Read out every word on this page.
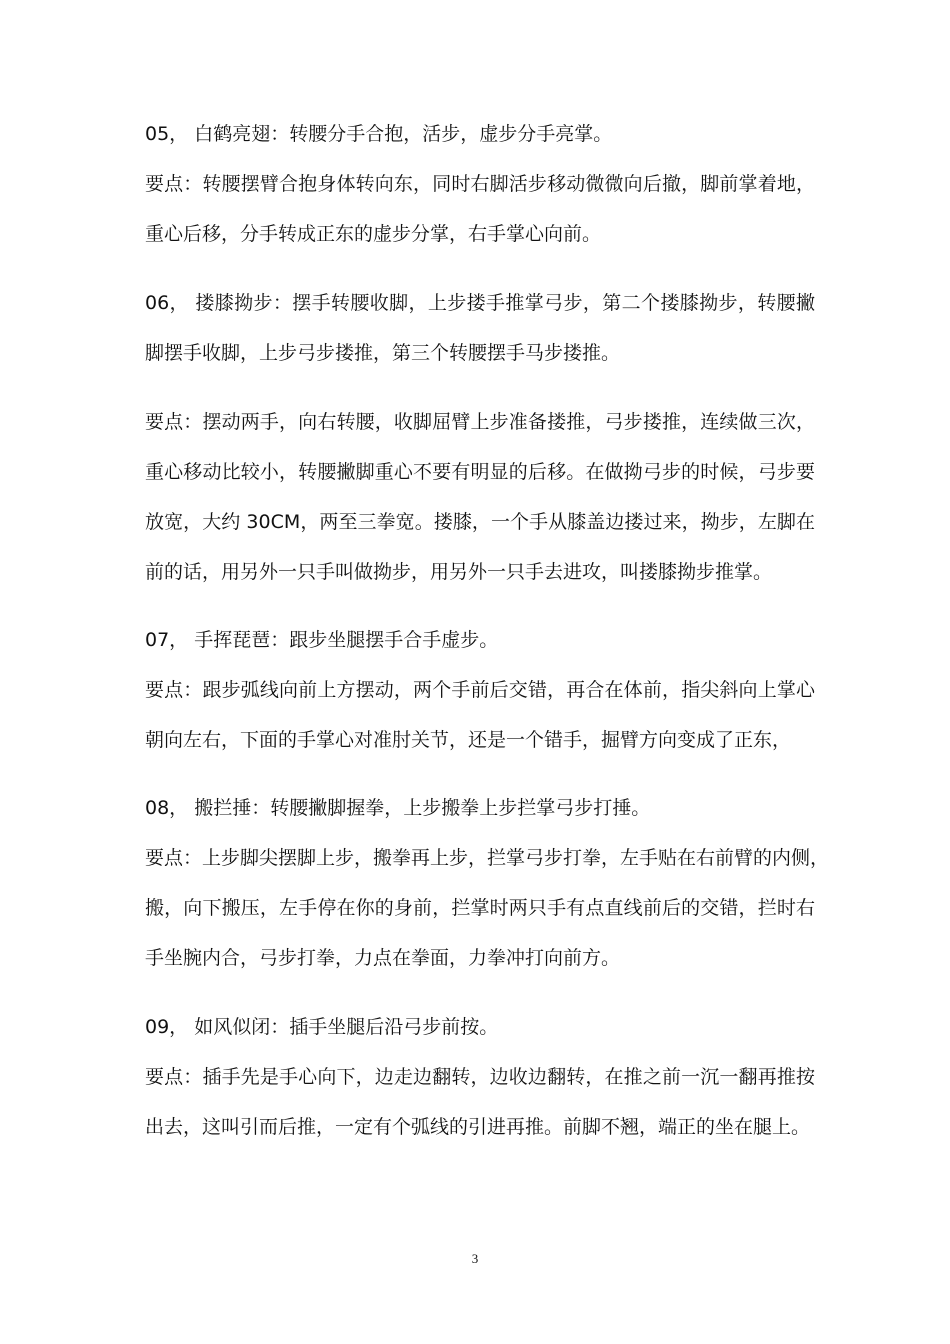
05， 白鹤亮翅：转腰分手合抱，活步，虚步分手亮掌。
要点：转腰摆臂合抱身体转向东，同时右脚活步移动微微向后撤，脚前掌着地，
重心后移，分手转成正东的虚步分掌，右手掌心向前。
06， 搂膝拗步：摆手转腰收脚，上步搂手推掌弓步，第二个搂膝拗步，转腰撇
脚摆手收脚，上步弓步搂推，第三个转腰摆手马步搂推。
要点：摆动两手，向右转腰，收脚屈臂上步准备搂推，弓步搂推，连续做三次，
重心移动比较小，转腰撇脚重心不要有明显的后移。在做拗弓步的时候，弓步要
放宽，大约 30CM，两至三拳宽。搂膝，一个手从膝盖边搂过来，拗步，左脚在
前的话，用另外一只手叫做拗步，用另外一只手去进攻，叫搂膝拗步推掌。
07， 手挥琵琶：跟步坐腿摆手合手虚步。
要点：跟步弧线向前上方摆动，两个手前后交错，再合在体前，指尖斜向上掌心
朝向左右，下面的手掌心对准肘关节，还是一个错手，掘臂方向变成了正东，
08， 搬拦捶：转腰撇脚握拳，上步搬拳上步拦掌弓步打捶。
要点：上步脚尖摆脚上步，搬拳再上步，拦掌弓步打拳，左手贴在右前臂的内侧，
搬，向下搬压，左手停在你的身前，拦掌时两只手有点直线前后的交错，拦时右
手坐腕内合，弓步打拳，力点在拳面，力拳冲打向前方。
09， 如风似闭：插手坐腿后沿弓步前按。
要点：插手先是手心向下，边走边翻转，边收边翻转，在推之前一沉一翻再推按
出去，这叫引而后推，一定有个弧线的引进再推。前脚不翘，端正的坐在腿上。
3
